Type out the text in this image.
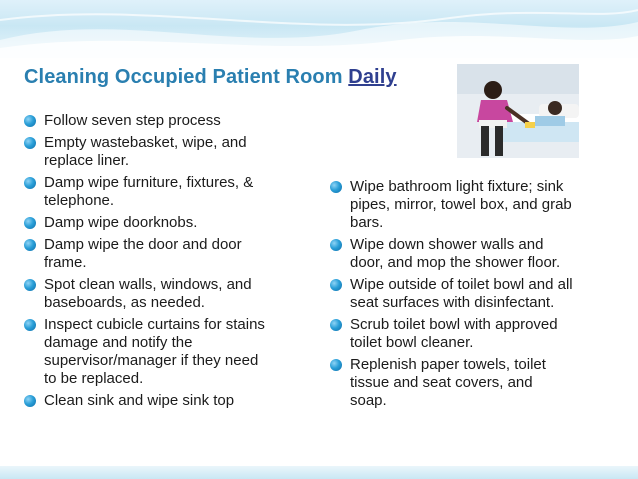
Cleaning Occupied Patient Room Daily
Follow seven step process
Empty wastebasket, wipe, and
replace liner.
Damp wipe furniture, fixtures, &
telephone.
Damp wipe doorknobs.
Damp wipe the door and door
frame.
Spot clean walls, windows, and
baseboards, as needed.
Inspect cubicle curtains for stains
damage and notify the
supervisor/manager if they need
to be replaced.
Clean sink and wipe sink top
Wipe bathroom light fixture; sink
pipes, mirror, towel box, and grab
bars.
Wipe down shower walls and
door, and mop the shower floor.
Wipe outside of toilet bowl and all
seat surfaces with disinfectant.
Scrub toilet bowl with approved
toilet bowl cleaner.
Replenish paper towels, toilet
tissue and seat covers, and
soap.
